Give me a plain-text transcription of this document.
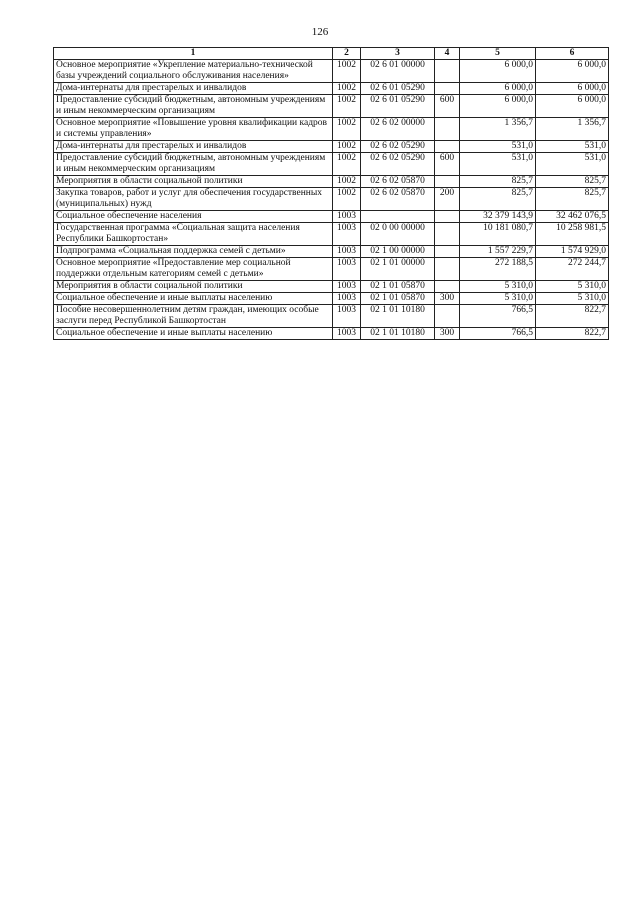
126
1	2	3	4	5	6
Основное мероприятие «Укрепление материально-технической базы учреждений социального обслуживания населения»	1002	02 6 01 00000		6 000,0	6 000,0
Дома-интернаты для престарелых и инвалидов	1002	02 6 01 05290		6 000,0	6 000,0
Предоставление субсидий бюджетным, автономным учреждениям и иным некоммерческим организациям	1002	02 6 01 05290	600	6 000,0	6 000,0
Основное мероприятие «Повышение уровня квалификации кадров и системы управления»	1002	02 6 02 00000		1 356,7	1 356,7
Дома-интернаты для престарелых и инвалидов	1002	02 6 02 05290		531,0	531,0
Предоставление субсидий бюджетным, автономным учреждениям и иным некоммерческим организациям	1002	02 6 02 05290	600	531,0	531,0
Мероприятия в области социальной политики	1002	02 6 02 05870		825,7	825,7
Закупка товаров, работ и услуг для обеспечения государственных (муниципальных) нужд	1002	02 6 02 05870	200	825,7	825,7
Социальное обеспечение населения	1003			32 379 143,9	32 462 076,5
Государственная программа «Социальная защита населения Республики Башкортостан»	1003	02 0 00 00000		10 181 080,7	10 258 981,5
Подпрограмма «Социальная поддержка семей с детьми»	1003	02 1 00 00000		1 557 229,7	1 574 929,0
Основное мероприятие «Предоставление мер социальной поддержки отдельным категориям семей с детьми»	1003	02 1 01 00000		272 188,5	272 244,7
Мероприятия в области социальной политики	1003	02 1 01 05870		5 310,0	5 310,0
Социальное обеспечение и иные выплаты населению	1003	02 1 01 05870	300	5 310,0	5 310,0
Пособие несовершеннолетним детям граждан, имеющих особые заслуги перед Республикой Башкортостан	1003	02 1 01 10180		766,5	822,7
Социальное обеспечение и иные выплаты населению	1003	02 1 01 10180	300	766,5	822,7
